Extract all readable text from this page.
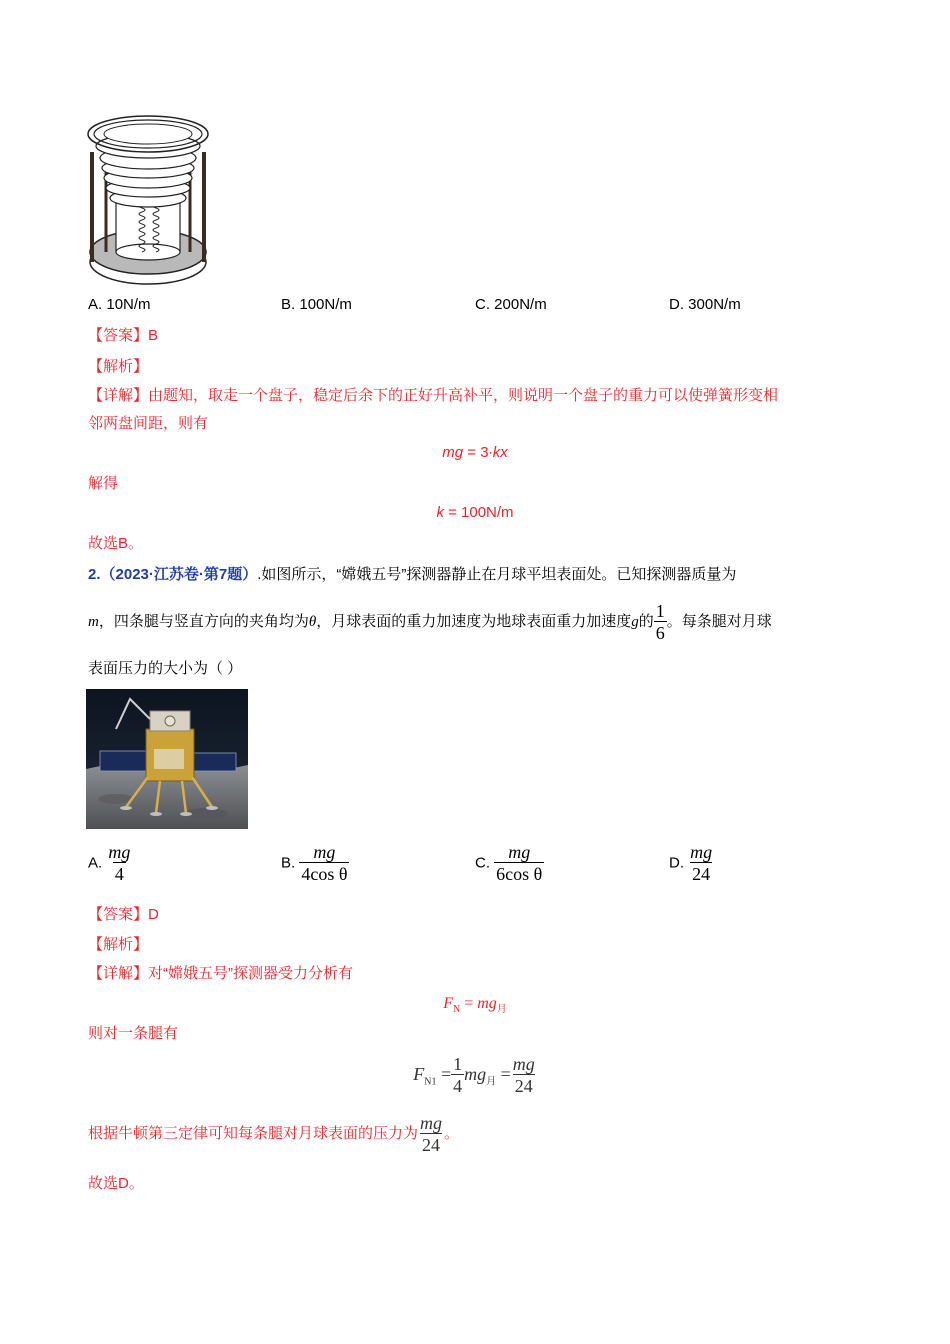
A. 10N/m	B. 100N/m	C. 200N/m	D. 300N/m
【答案】B
【解析】
【详解】由题知，取走一个盘子，稳定后余下的正好升高补平，则说明一个盘子的重力可以使弹簧形变相
邻两盘间距，则有
mg = 3∙kx
解得
k = 100N/m
故选B。
2.（2023·江苏卷·第7题）.如图所示，“嫦娥五号”探测器静止在月球平坦表面处。已知探测器质量为
m，四条腿与竖直方向的夹角均为θ，月球表面的重力加速度为地球表面重力加速度g的 $\frac{1}{6}$ 。每条腿对月球
表面压力的大小为（ ）
A. $\frac{mg}{4}$	B. $\frac{mg}{\text{4cos θ}}$	C. $\frac{mg}{\text{6cos θ}}$	D. $\frac{mg}{24}$
【答案】D
【解析】
【详解】对“嫦娥五号”探测器受力分析有
$F_N = mg_月$
则对一条腿有
$F_{N1} = \frac{1}{4} mg_月 = \frac{mg}{24}$
根据牛顿第三定律可知每条腿对月球表面的压力为 $\frac{mg}{24}$ 。
故选D。
